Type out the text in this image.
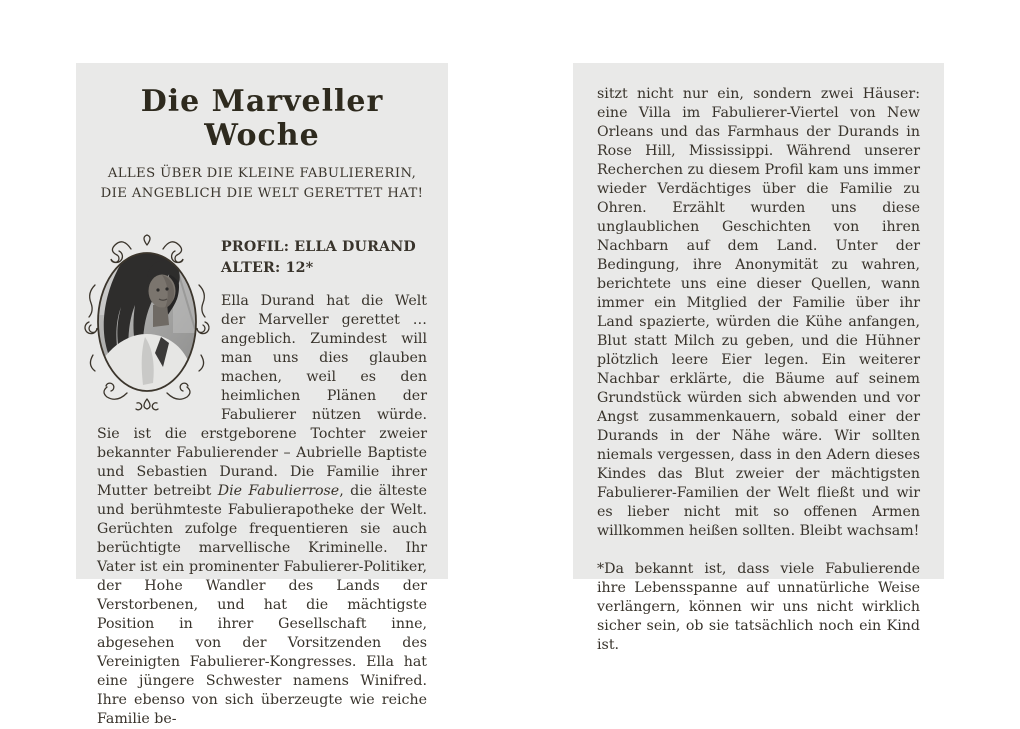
Die Marveller Woche
ALLES ÜBER DIE KLEINE FABULIERERIN,
DIE ANGEBLICH DIE WELT GERETTET HAT!

PROFIL: ELLA DURAND
ALTER: 12*

Ella Durand hat die Welt der Marveller gerettet … angeblich. Zumindest will man uns dies glauben machen, weil es den heimlichen Plänen der Fabulierer nützen würde. Sie ist die erstgeborene Tochter zweier bekannter Fabulierender – Aubrielle Baptiste und Sebastien Durand. Die Familie ihrer Mutter betreibt Die Fabulierrose, die älteste und berühmteste Fabulierapotheke der Welt. Gerüchten zufolge frequentieren sie auch berüchtigte marvellische Kriminelle. Ihr Vater ist ein prominenter Fabulierer-Politiker, der Hohe Wandler des Lands der Verstorbenen, und hat die mächtigste Position in ihrer Gesellschaft inne, abgesehen von der Vorsitzenden des Vereinigten Fabulierer-Kongresses. Ella hat eine jüngere Schwester namens Winifred. Ihre ebenso von sich überzeugte wie reiche Familie be-

sitzt nicht nur ein, sondern zwei Häuser: eine Villa im Fabulierer-Viertel von New Orleans und das Farmhaus der Durands in Rose Hill, Mississippi. Während unserer Recherchen zu diesem Profil kam uns immer wieder Verdächtiges über die Familie zu Ohren. Erzählt wurden uns diese unglaublichen Geschichten von ihren Nachbarn auf dem Land. Unter der Bedingung, ihre Anonymität zu wahren, berichtete uns eine dieser Quellen, wann immer ein Mitglied der Familie über ihr Land spazierte, würden die Kühe anfangen, Blut statt Milch zu geben, und die Hühner plötzlich leere Eier legen. Ein weiterer Nachbar erklärte, die Bäume auf seinem Grundstück würden sich abwenden und vor Angst zusammenkauern, sobald einer der Durands in der Nähe wäre. Wir sollten niemals vergessen, dass in den Adern dieses Kindes das Blut zweier der mächtigsten Fabulierer-Familien der Welt fließt und wir es lieber nicht mit so offenen Armen willkommen heißen sollten. Bleibt wachsam!

*Da bekannt ist, dass viele Fabulierende ihre Lebensspanne auf unnatürliche Weise verlängern, können wir uns nicht wirklich sicher sein, ob sie tatsächlich noch ein Kind ist.
